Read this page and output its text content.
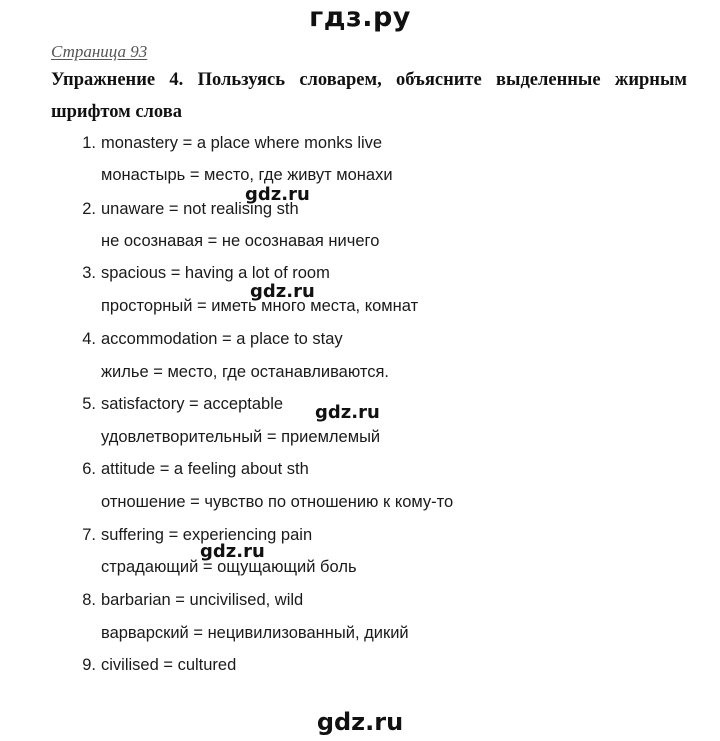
гдз.ру
Страница 93
Упражнение 4. Пользуясь словарем, объясните выделенные жирным шрифтом слова
1. monastery = a place where monks live
монастырь = место, где живут монахи
2. unaware = not realising sth
не осознавая = не осознавая ничего
3. spacious = having a lot of room
просторный = иметь много места, комнат
4. accommodation = a place to stay
жилье = место, где останавливаются.
5. satisfactory = acceptable
удовлетворительный = приемлемый
6. attitude = a feeling about sth
отношение = чувство по отношению к кому-то
7. suffering = experiencing pain
страдающий = ощущающий боль
8. barbarian = uncivilised, wild
варварский = нецивилизованный, дикий
9. civilised = cultured
gdz.ru
gdz.ru
gdz.ru
gdz.ru
gdz.ru
